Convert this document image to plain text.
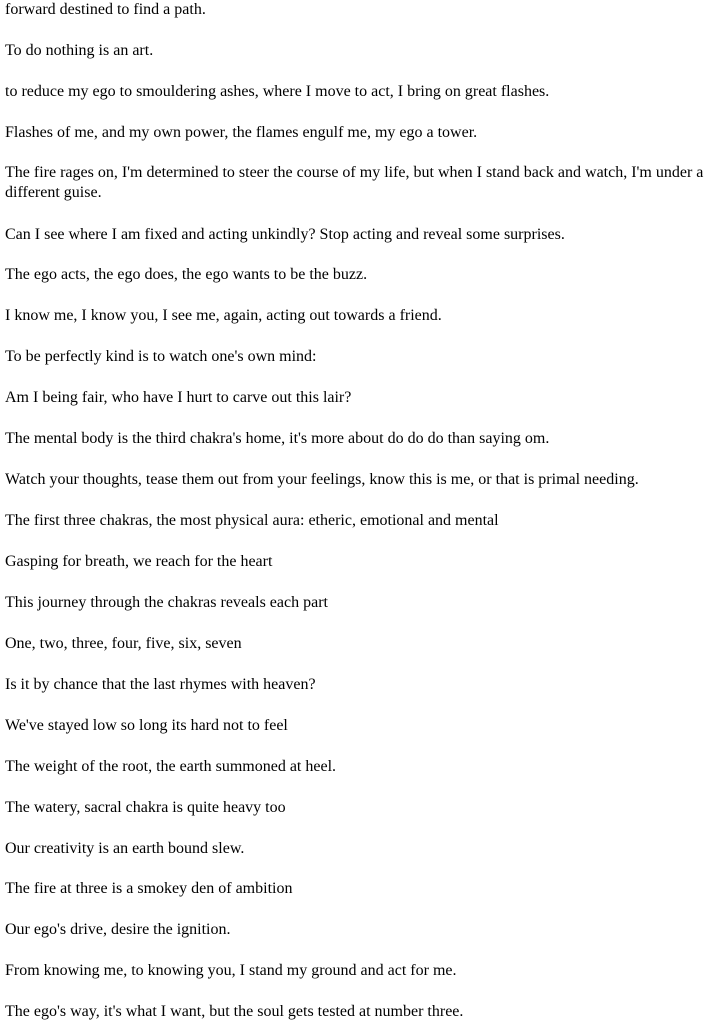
forward destined to find a path.

To do nothing is an art.

to reduce my ego to smouldering ashes, where I move to act, I bring on great flashes.

Flashes of me, and my own power, the flames engulf me, my ego a tower.

The fire rages on, I'm determined to steer the course of my life, but when I stand back and watch, I'm under a different guise.

Can I see where I am fixed and acting unkindly? Stop acting and reveal some surprises.

The ego acts, the ego does, the ego wants to be the buzz.

I know me, I know you, I see me, again, acting out towards a friend.

To be perfectly kind is to watch one's own mind:

Am I being fair, who have I hurt to carve out this lair?

The mental body is the third chakra's home, it's more about do do do than saying om.

Watch your thoughts, tease them out from your feelings, know this is me, or that is primal needing.

The first three chakras, the most physical aura: etheric, emotional and mental

Gasping for breath, we reach for the heart

This journey through the chakras reveals each part

One, two, three, four, five, six, seven

Is it by chance that the last rhymes with heaven?

We've stayed low so long its hard not to feel

The weight of the root, the earth summoned at heel.

The watery, sacral chakra is quite heavy too

Our creativity is an earth bound slew.

The fire at three is a smokey den of ambition

Our ego's drive, desire the ignition.

From knowing me, to knowing you, I stand my ground and act for me.

The ego's way, it's what I want, but the soul gets tested at number three.
